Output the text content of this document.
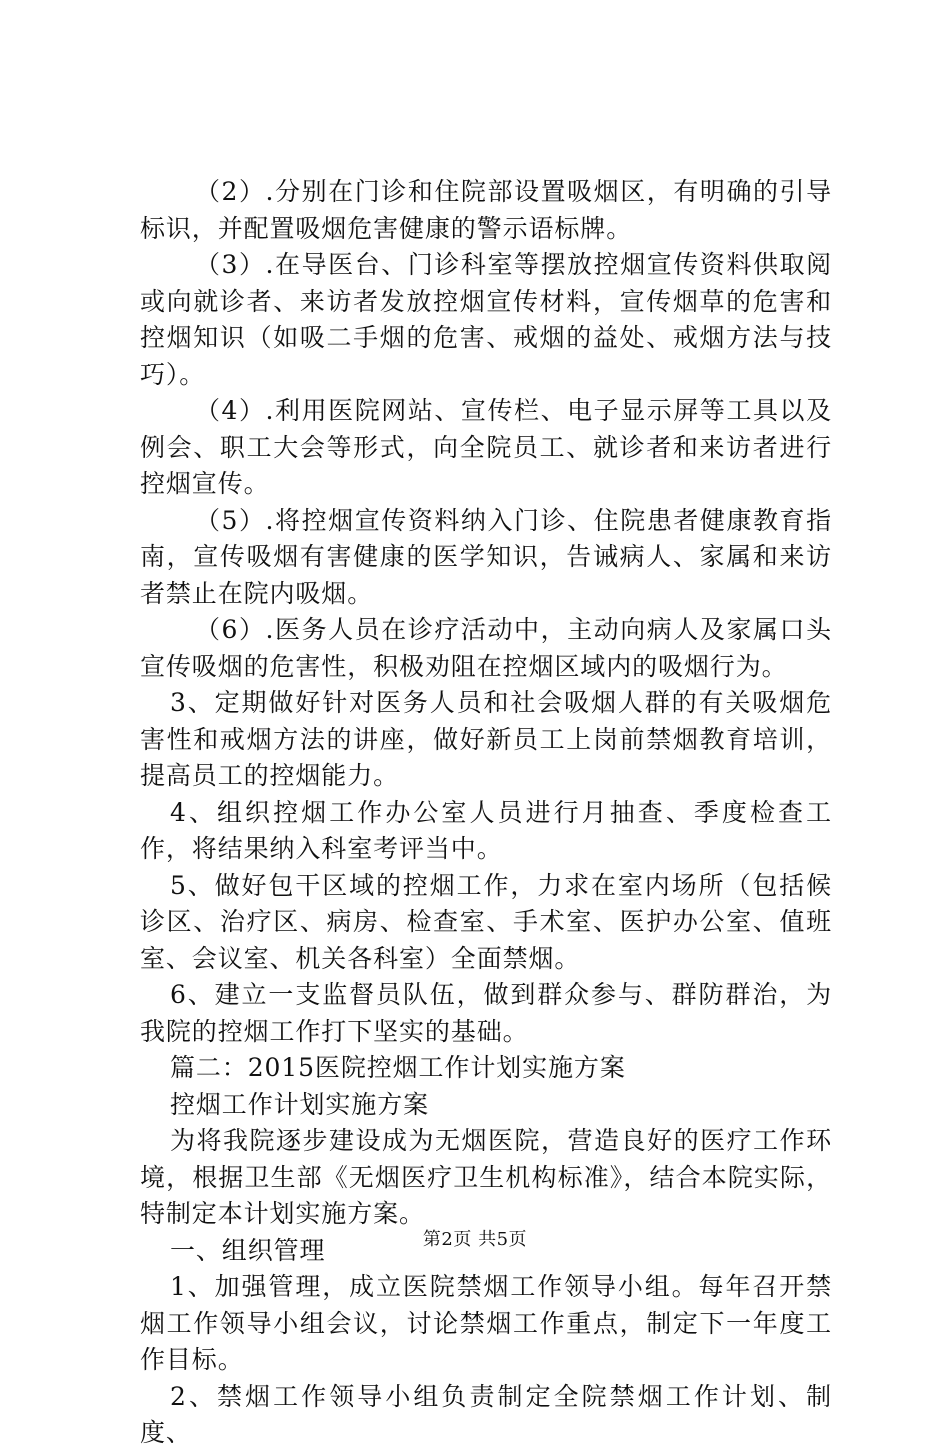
（2）.分别在门诊和住院部设置吸烟区，有明确的引导标识，并配置吸烟危害健康的警示语标牌。

（3）.在导医台、门诊科室等摆放控烟宣传资料供取阅或向就诊者、来访者发放控烟宣传材料，宣传烟草的危害和控烟知识（如吸二手烟的危害、戒烟的益处、戒烟方法与技巧）。

（4）.利用医院网站、宣传栏、电子显示屏等工具以及例会、职工大会等形式，向全院员工、就诊者和来访者进行控烟宣传。

（5）.将控烟宣传资料纳入门诊、住院患者健康教育指南，宣传吸烟有害健康的医学知识，告诫病人、家属和来访者禁止在院内吸烟。

（6）.医务人员在诊疗活动中，主动向病人及家属口头宣传吸烟的危害性，积极劝阻在控烟区域内的吸烟行为。

3、定期做好针对医务人员和社会吸烟人群的有关吸烟危害性和戒烟方法的讲座，做好新员工上岗前禁烟教育培训，提高员工的控烟能力。

4、组织控烟工作办公室人员进行月抽查、季度检查工作，将结果纳入科室考评当中。

5、做好包干区域的控烟工作，力求在室内场所（包括候诊区、治疗区、病房、检查室、手术室、医护办公室、值班室、会议室、机关各科室）全面禁烟。

6、建立一支监督员队伍，做到群众参与、群防群治，为我院的控烟工作打下坚实的基础。

篇二：2015医院控烟工作计划实施方案

控烟工作计划实施方案

为将我院逐步建设成为无烟医院，营造良好的医疗工作环境，根据卫生部《无烟医疗卫生机构标准》，结合本院实际，特制定本计划实施方案。

一、组织管理

1、加强管理，成立医院禁烟工作领导小组。每年召开禁烟工作领导小组会议，讨论禁烟工作重点，制定下一年度工作目标。

2、禁烟工作领导小组负责制定全院禁烟工作计划、制度、

第2页 共5页
